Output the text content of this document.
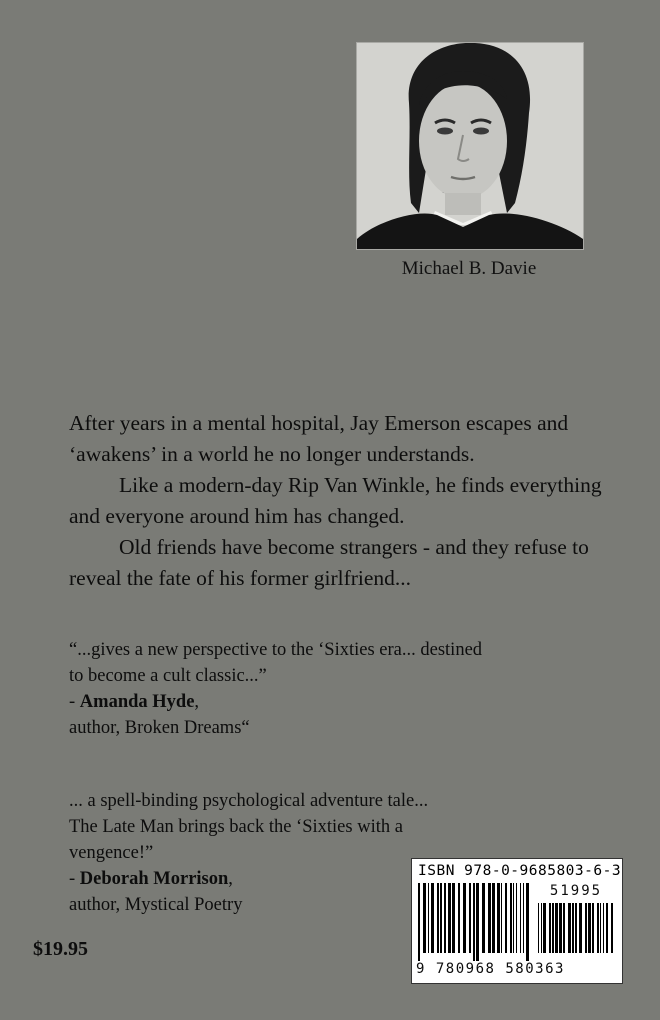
Michael B. Davie

After years in a mental hospital, Jay Emerson escapes and ‘awakens’ in a world he no longer understands.

Like a modern-day Rip Van Winkle, he finds everything and everyone around him has changed.

Old friends have become strangers - and they refuse to reveal the fate of his former girlfriend...

“...gives a new perspective to the ‘Sixties era... destined to become a cult classic...”

- Amanda Hyde,

author, Broken Dreams“

... a spell-binding psychological adventure tale... The Late Man brings back the ‘Sixties with a vengence!”

- Deborah Morrison,

author, Mystical Poetry

$19.95
ISBN 978-0-9685803-6-3
51995
9 780968 580363
